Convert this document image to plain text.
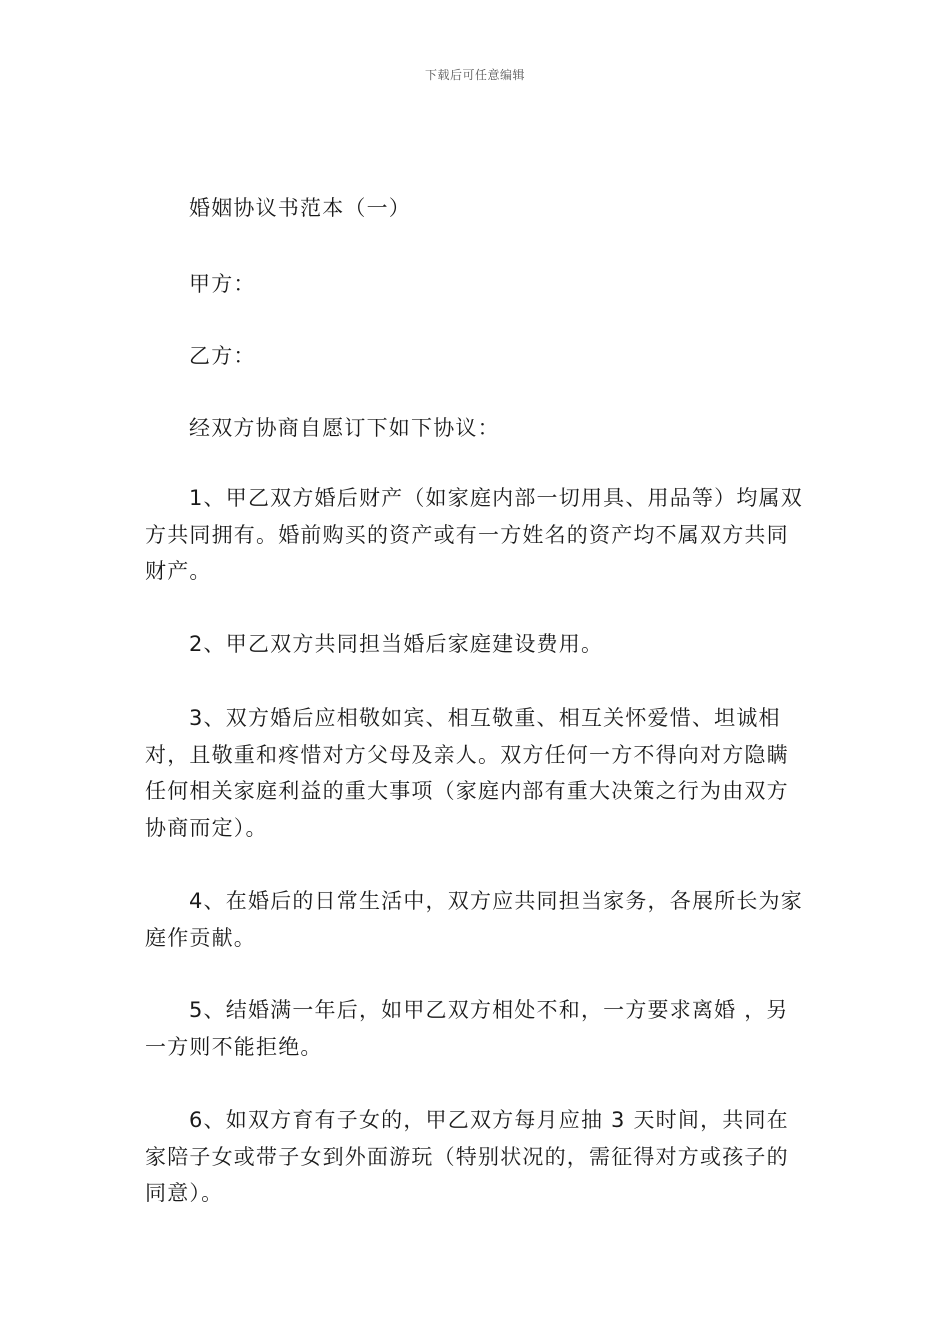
下载后可任意编辑

婚姻协议书范本（一）

甲方：

乙方：

经双方协商自愿订下如下协议：

1、甲乙双方婚后财产（如家庭内部一切用具、用品等）均属双方共同拥有。婚前购买的资产或有一方姓名的资产均不属双方共同财产。

2、甲乙双方共同担当婚后家庭建设费用。

3、双方婚后应相敬如宾、相互敬重、相互关怀爱惜、坦诚相对，且敬重和疼惜对方父母及亲人。双方任何一方不得向对方隐瞒任何相关家庭利益的重大事项（家庭内部有重大决策之行为由双方协商而定）。

4、在婚后的日常生活中，双方应共同担当家务，各展所长为家庭作贡献。

5、结婚满一年后，如甲乙双方相处不和，一方要求离婚 ，另一方则不能拒绝。

6、如双方育有子女的，甲乙双方每月应抽 3 天时间，共同在家陪子女或带子女到外面游玩（特别状况的，需征得对方或孩子的同意）。
